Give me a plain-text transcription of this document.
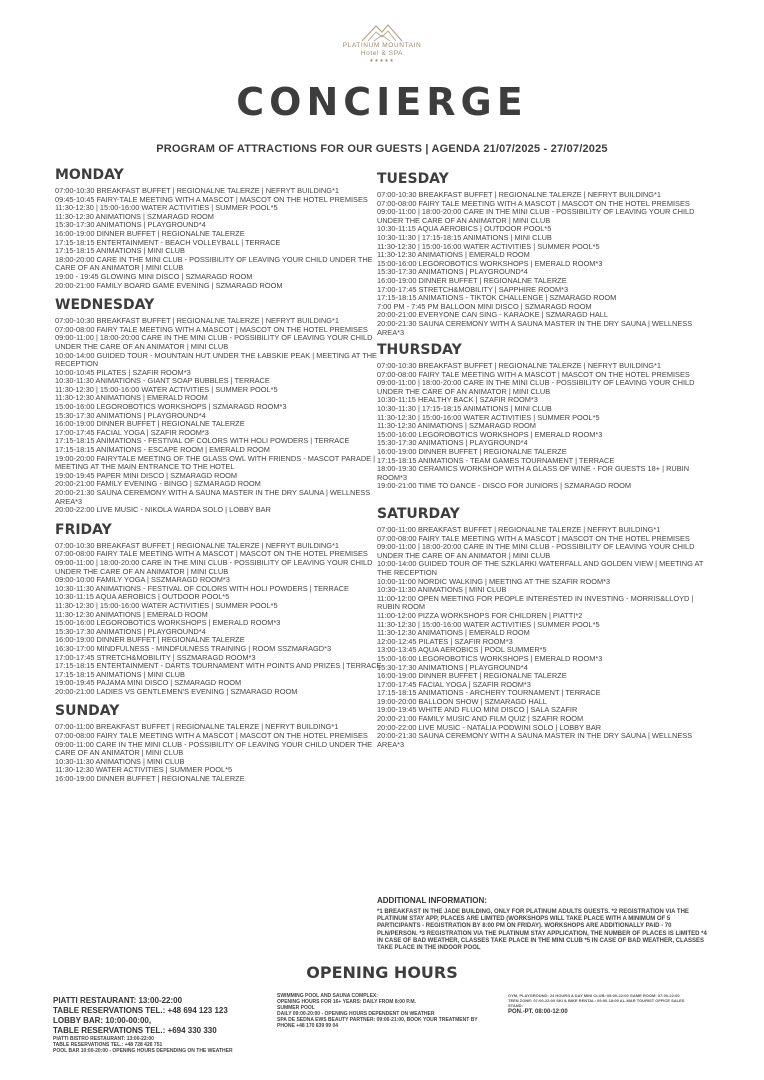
PLATINUM MOUNTAIN
Hotel & SPA
★★★★★
CONCIERGE
PROGRAM OF ATTRACTIONS FOR OUR GUESTS | AGENDA 21/07/2025 - 27/07/2025
MONDAY
07:00-10:30 BREAKFAST BUFFET | REGIONALNE TALERZE | NEFRYT BUILDING*1
09:45-10:45 FAIRY-TALE MEETING WITH A MASCOT | MASCOT ON THE HOTEL PREMISES
11:30-12:30 | 15:00-16:00 WATER ACTIVITIES | SUMMER POOL*5
11:30-12:30 ANIMATIONS | SZMARAGD ROOM
15:30-17:30 ANIMATIONS | PLAYGROUND*4
16:00-19:00 DINNER BUFFET | REGIONALNE TALERZE
17:15-18:15 ENTERTAINMENT - BEACH VOLLEYBALL | TERRACE
17:15-18:15 ANIMATIONS | MINI CLUB
18:00-20:00 CARE IN THE MINI CLUB - POSSIBILITY OF LEAVING YOUR CHILD UNDER THE CARE OF AN ANIMATOR | MINI CLUB
19:00 - 19:45 GLOWING MINI DISCO | SZMARAGD ROOM
20:00-21:00 FAMILY BOARD GAME EVENING | SZMARAGD ROOM
WEDNESDAY
07:00-10:30 BREAKFAST BUFFET | REGIONALNE TALERZE | NEFRYT BUILDING*1
07:00-08:00 FAIRY TALE MEETING WITH A MASCOT | MASCOT ON THE HOTEL PREMISES
09:00-11:00 | 18:00-20:00 CARE IN THE MINI CLUB - POSSIBILITY OF LEAVING YOUR CHILD UNDER THE CARE OF AN ANIMATOR | MINI CLUB
10:00-14:00 GUIDED TOUR - MOUNTAIN HUT UNDER THE ŁABSKIE PEAK | MEETING AT THE RECEPTION
10:00-10:45 PILATES | SZAFIR ROOM*3
10:30-11:30 ANIMATIONS - GIANT SOAP BUBBLES | TERRACE
11:30-12:30 | 15:00-16:00 WATER ACTIVITIES | SUMMER POOL*5
11:30-12:30 ANIMATIONS | EMERALD ROOM
15:00-16:00 LEGOROBOTICS WORKSHOPS | SZMARAGD ROOM*3
15:30-17:30 ANIMATIONS | PLAYGROUND*4
16:00-19:00 DINNER BUFFET | REGIONALNE TALERZE
17:00-17:45 FACIAL YOGA | SZAFIR ROOM*3
17:15-18:15 ANIMATIONS - FESTIVAL OF COLORS WITH HOLI POWDERS | TERRACE
17:15-18:15 ANIMATIONS - ESCAPE ROOM | EMERALD ROOM
19:00-20:00 FAIRYTALE MEETING OF THE GLASS OWL WITH FRIENDS - MASCOT PARADE | MEETING AT THE MAIN ENTRANCE TO THE HOTEL
19:00-19:45 PAPER MINI DISCO | SZMARAGD ROOM
20:00-21:00 FAMILY EVENING - BINGO | SZMARAGD ROOM
20:00-21:30 SAUNA CEREMONY WITH A SAUNA MASTER IN THE DRY SAUNA | WELLNESS AREA*3
20:00-22:00 LIVE MUSIC - NIKOLA WARDA SOLO | LOBBY BAR
FRIDAY
07:00-10:30 BREAKFAST BUFFET | REGIONALNE TALERZE | NEFRYT BUILDING*1
07:00-08:00 FAIRY TALE MEETING WITH A MASCOT | MASCOT ON THE HOTEL PREMISES
09:00-11:00 | 18:00-20:00 CARE IN THE MINI CLUB - POSSIBILITY OF LEAVING YOUR CHILD UNDER THE CARE OF AN ANIMATOR | MINI CLUB
09:00-10:00 FAMILY YOGA | SSZMARAGD ROOM*3
10:30-11:30 ANIMATIONS - FESTIVAL OF COLORS WITH HOLI POWDERS | TERRACE
10:30-11:15 AQUA AEROBICS | OUTDOOR POOL*5
11:30-12:30 | 15:00-16:00 WATER ACTIVITIES | SUMMER POOL*5
11:30-12:30 ANIMATIONS | EMERALD ROOM
15:00-16:00 LEGOROBOTICS WORKSHOPS | EMERALD ROOM*3
15:30-17:30 ANIMATIONS | PLAYGROUND*4
16:00-19:00 DINNER BUFFET | REGIONALNE TALERZE
16:30-17:00 MINDFULNESS - MINDFULNESS TRAINING | ROOM SSZMARAGD*3
17:00-17:45 STRETCH&MOBILITY | SSZMARAGD ROOM*3
17:15-18:15 ENTERTAINMENT - DARTS TOURNAMENT WITH POINTS AND PRIZES | TERRACE
17:15-18:15 ANIMATIONS | MINI CLUB
19:00-19:45 PAJAMA MINI DISCO | SZMARAGD ROOM
20:00-21:00 LADIES VS GENTLEMEN'S EVENING | SZMARAGD ROOM
SUNDAY
07:00-11:00 BREAKFAST BUFFET | REGIONALNE TALERZE | NEFRYT BUILDING*1
07:00-08:00 FAIRY TALE MEETING WITH A MASCOT | MASCOT ON THE HOTEL PREMISES
09:00-11:00 CARE IN THE MINI CLUB - POSSIBILITY OF LEAVING YOUR CHILD UNDER THE CARE OF AN ANIMATOR | MINI CLUB
10:30-11:30 ANIMATIONS | MINI CLUB
11:30-12:30 WATER ACTIVITIES | SUMMER POOL*5
16:00-19:00 DINNER BUFFET | REGIONALNE TALERZE
TUESDAY
07:00-10:30 BREAKFAST BUFFET | REGIONALNE TALERZE | NEFRYT BUILDING*1
07:00-08:00 FAIRY TALE MEETING WITH A MASCOT | MASCOT ON THE HOTEL PREMISES
09:00-11:00 | 18:00-20:00 CARE IN THE MINI CLUB - POSSIBILITY OF LEAVING YOUR CHILD UNDER THE CARE OF AN ANIMATOR | MINI CLUB
10:30-11:15 AQUA AEROBICS | OUTDOOR POOL*5
10:30-11:30 | 17:15-18:15 ANIMATIONS | MINI CLUB
11:30-12:30 | 15:00-16:00 WATER ACTIVITIES | SUMMER POOL*5
11:30-12:30 ANIMATIONS | EMERALD ROOM
15:00-16:00 LEGOROBOTICS WORKSHOPS | EMERALD ROOM*3
15:30-17:30 ANIMATIONS | PLAYGROUND*4
16:00-19:00 DINNER BUFFET | REGIONALNE TALERZE
17:00-17:45 STRETCH&MOBILITY | SAPPHIRE ROOM*3
17:15-18:15 ANIMATIONS - TIKTOK CHALLENGE | SZMARAGD ROOM
7:00 PM - 7:45 PM BALLOON MINI DISCO | SZMARAGD ROOM
20:00-21:00 EVERYONE CAN SING - KARAOKE | SZMARAGD HALL
20:00-21:30 SAUNA CEREMONY WITH A SAUNA MASTER IN THE DRY SAUNA | WELLNESS AREA*3
THURSDAY
07:00-10:30 BREAKFAST BUFFET | REGIONALNE TALERZE | NEFRYT BUILDING*1
07:00-08:00 FAIRY TALE MEETING WITH A MASCOT | MASCOT ON THE HOTEL PREMISES
09:00-11:00 | 18:00-20:00 CARE IN THE MINI CLUB - POSSIBILITY OF LEAVING YOUR CHILD UNDER THE CARE OF AN ANIMATOR | MINI CLUB
10:30-11:15 HEALTHY BACK | SZAFIR ROOM*3
10:30-11:30 | 17:15-18:15 ANIMATIONS | MINI CLUB
11:30-12:30 | 15:00-16:00 WATER ACTIVITIES | SUMMER POOL*5
11:30-12:30 ANIMATIONS | SZMARAGD ROOM
15:00-16:00 LEGOROBOTICS WORKSHOPS | EMERALD ROOM*3
15:30-17:30 ANIMATIONS | PLAYGROUND*4
16:00-19:00 DINNER BUFFET | REGIONALNE TALERZE
17:15-18:15 ANIMATIONS - TEAM GAMES TOURNAMENT | TERRACE
18:00-19:30 CERAMICS WORKSHOP WITH A GLASS OF WINE - FOR GUESTS 18+ | RUBIN ROOM*3
19:00-21:00 TIME TO DANCE - DISCO FOR JUNIORS | SZMARAGD ROOM
SATURDAY
07:00-11:00 BREAKFAST BUFFET | REGIONALNE TALERZE | NEFRYT BUILDING*1
07:00-08:00 FAIRY TALE MEETING WITH A MASCOT | MASCOT ON THE HOTEL PREMISES
09:00-11:00 | 18:00-20:00 CARE IN THE MINI CLUB - POSSIBILITY OF LEAVING YOUR CHILD UNDER THE CARE OF AN ANIMATOR | MINI CLUB
10:00-14:00 GUIDED TOUR OF THE SZKLARKI WATERFALL AND GOLDEN VIEW | MEETING AT THE RECEPTION
10:00-11:00 NORDIC WALKING | MEETING AT THE SZAFIR ROOM*3
10:30-11:30 ANIMATIONS | MINI CLUB
11:00-12:00 OPEN MEETING FOR PEOPLE INTERESTED IN INVESTING - MORRIS&LLOYD | RUBIN ROOM
11:00-12:00 PIZZA WORKSHOPS FOR CHILDREN | PIATTI*2
11:30-12:30 | 15:00-16:00 WATER ACTIVITIES | SUMMER POOL*5
11:30-12:30 ANIMATIONS | EMERALD ROOM
12:00-12:45 PILATES | SZAFIR ROOM*3
13:00-13:45 AQUA AEROBICS | POOL SUMMER*5
15:00-16:00 LEGOROBOTICS WORKSHOPS | EMERALD ROOM*3
15:30-17:30 ANIMATIONS | PLAYGROUND*4
16:00-19:00 DINNER BUFFET | REGIONALNE TALERZE
17:00-17:45 FACIAL YOGA | SZAFIR ROOM*3
17:15-18:15 ANIMATIONS - ARCHERY TOURNAMENT | TERRACE
19:00-20:00 BALLOON SHOW | SZMARAGD HALL
19:00-19:45 WHITE AND FLUO MINI DISCO | SALA SZAFIR
20:00-21:00 FAMILY MUSIC AND FILM QUIZ | SZAFIR ROOM
20:00-22:00 LIVE MUSIC - NATALIA PODWINI SOLO | LOBBY BAR
20:00-21:30 SAUNA CEREMONY WITH A SAUNA MASTER IN THE DRY SAUNA | WELLNESS AREA*3
ADDITIONAL INFORMATION:

*1 BREAKFAST IN THE JADE BUILDING, ONLY FOR PLATINUM ADULTS GUESTS. *2 REGISTRATION VIA THE PLATINUM STAY APP, PLACES ARE LIMITED (WORKSHOPS WILL TAKE PLACE WITH A MINIMUM OF 5 PARTICIPANTS - REGISTRATION BY 8:00 PM ON FRIDAY). WORKSHOPS ARE ADDITIONALLY PAID - 70 PLN/PERSON. *3 REGISTRATION VIA THE PLATINUM STAY APPLICATION, THE NUMBER OF PLACES IS LIMITED *4 IN CASE OF BAD WEATHER, CLASSES TAKE PLACE IN THE MINI CLUB *5 IN CASE OF BAD WEATHER, CLASSES TAKE PLACE IN THE INDOOR POOL

OPENING HOURS
PIATTI RESTAURANT: 13:00-22:00
TABLE RESERVATIONS TEL.: +48 694 123 123
LOBBY BAR: 10:00-00:00,
TABLE RESERVATIONS TEL.: +694 330 330
PIATTI BISTRO RESTAURANT: 13:00-22:00
TABLE RESERVATIONS TEL.: +48 728 426 751
POOL BAR 10:00-20:00 - OPENING HOURS DEPENDING ON THE WEATHER
SWIMMING POOL AND SAUNA COMPLEX:
OPENING HOURS FOR 16+ YEARS: DAILY FROM 8:00 P.M.
SUMMER POOL
DAILY 09:00-20:00 - OPENING HOURS DEPENDENT ON WEATHER
SPA DE SEDNA EWS BEAUTY PARTNER: 09:00-21:00, BOOK YOUR TREATMENT BY PHONE +48 170 639 99 04
GYM, PLAYGROUND: 24 HOURS A DAY MINI CLUB: 08:00-22:00 GAME ROOM: 07:00-22:00
TEEN ZONE: 07:00-22:00 SKI & BIKE RENTAL: 09:00-18:00 AL-MAR TOURIST OFFICE SALES
STAND:
PON.-PT. 08:00-12:00
